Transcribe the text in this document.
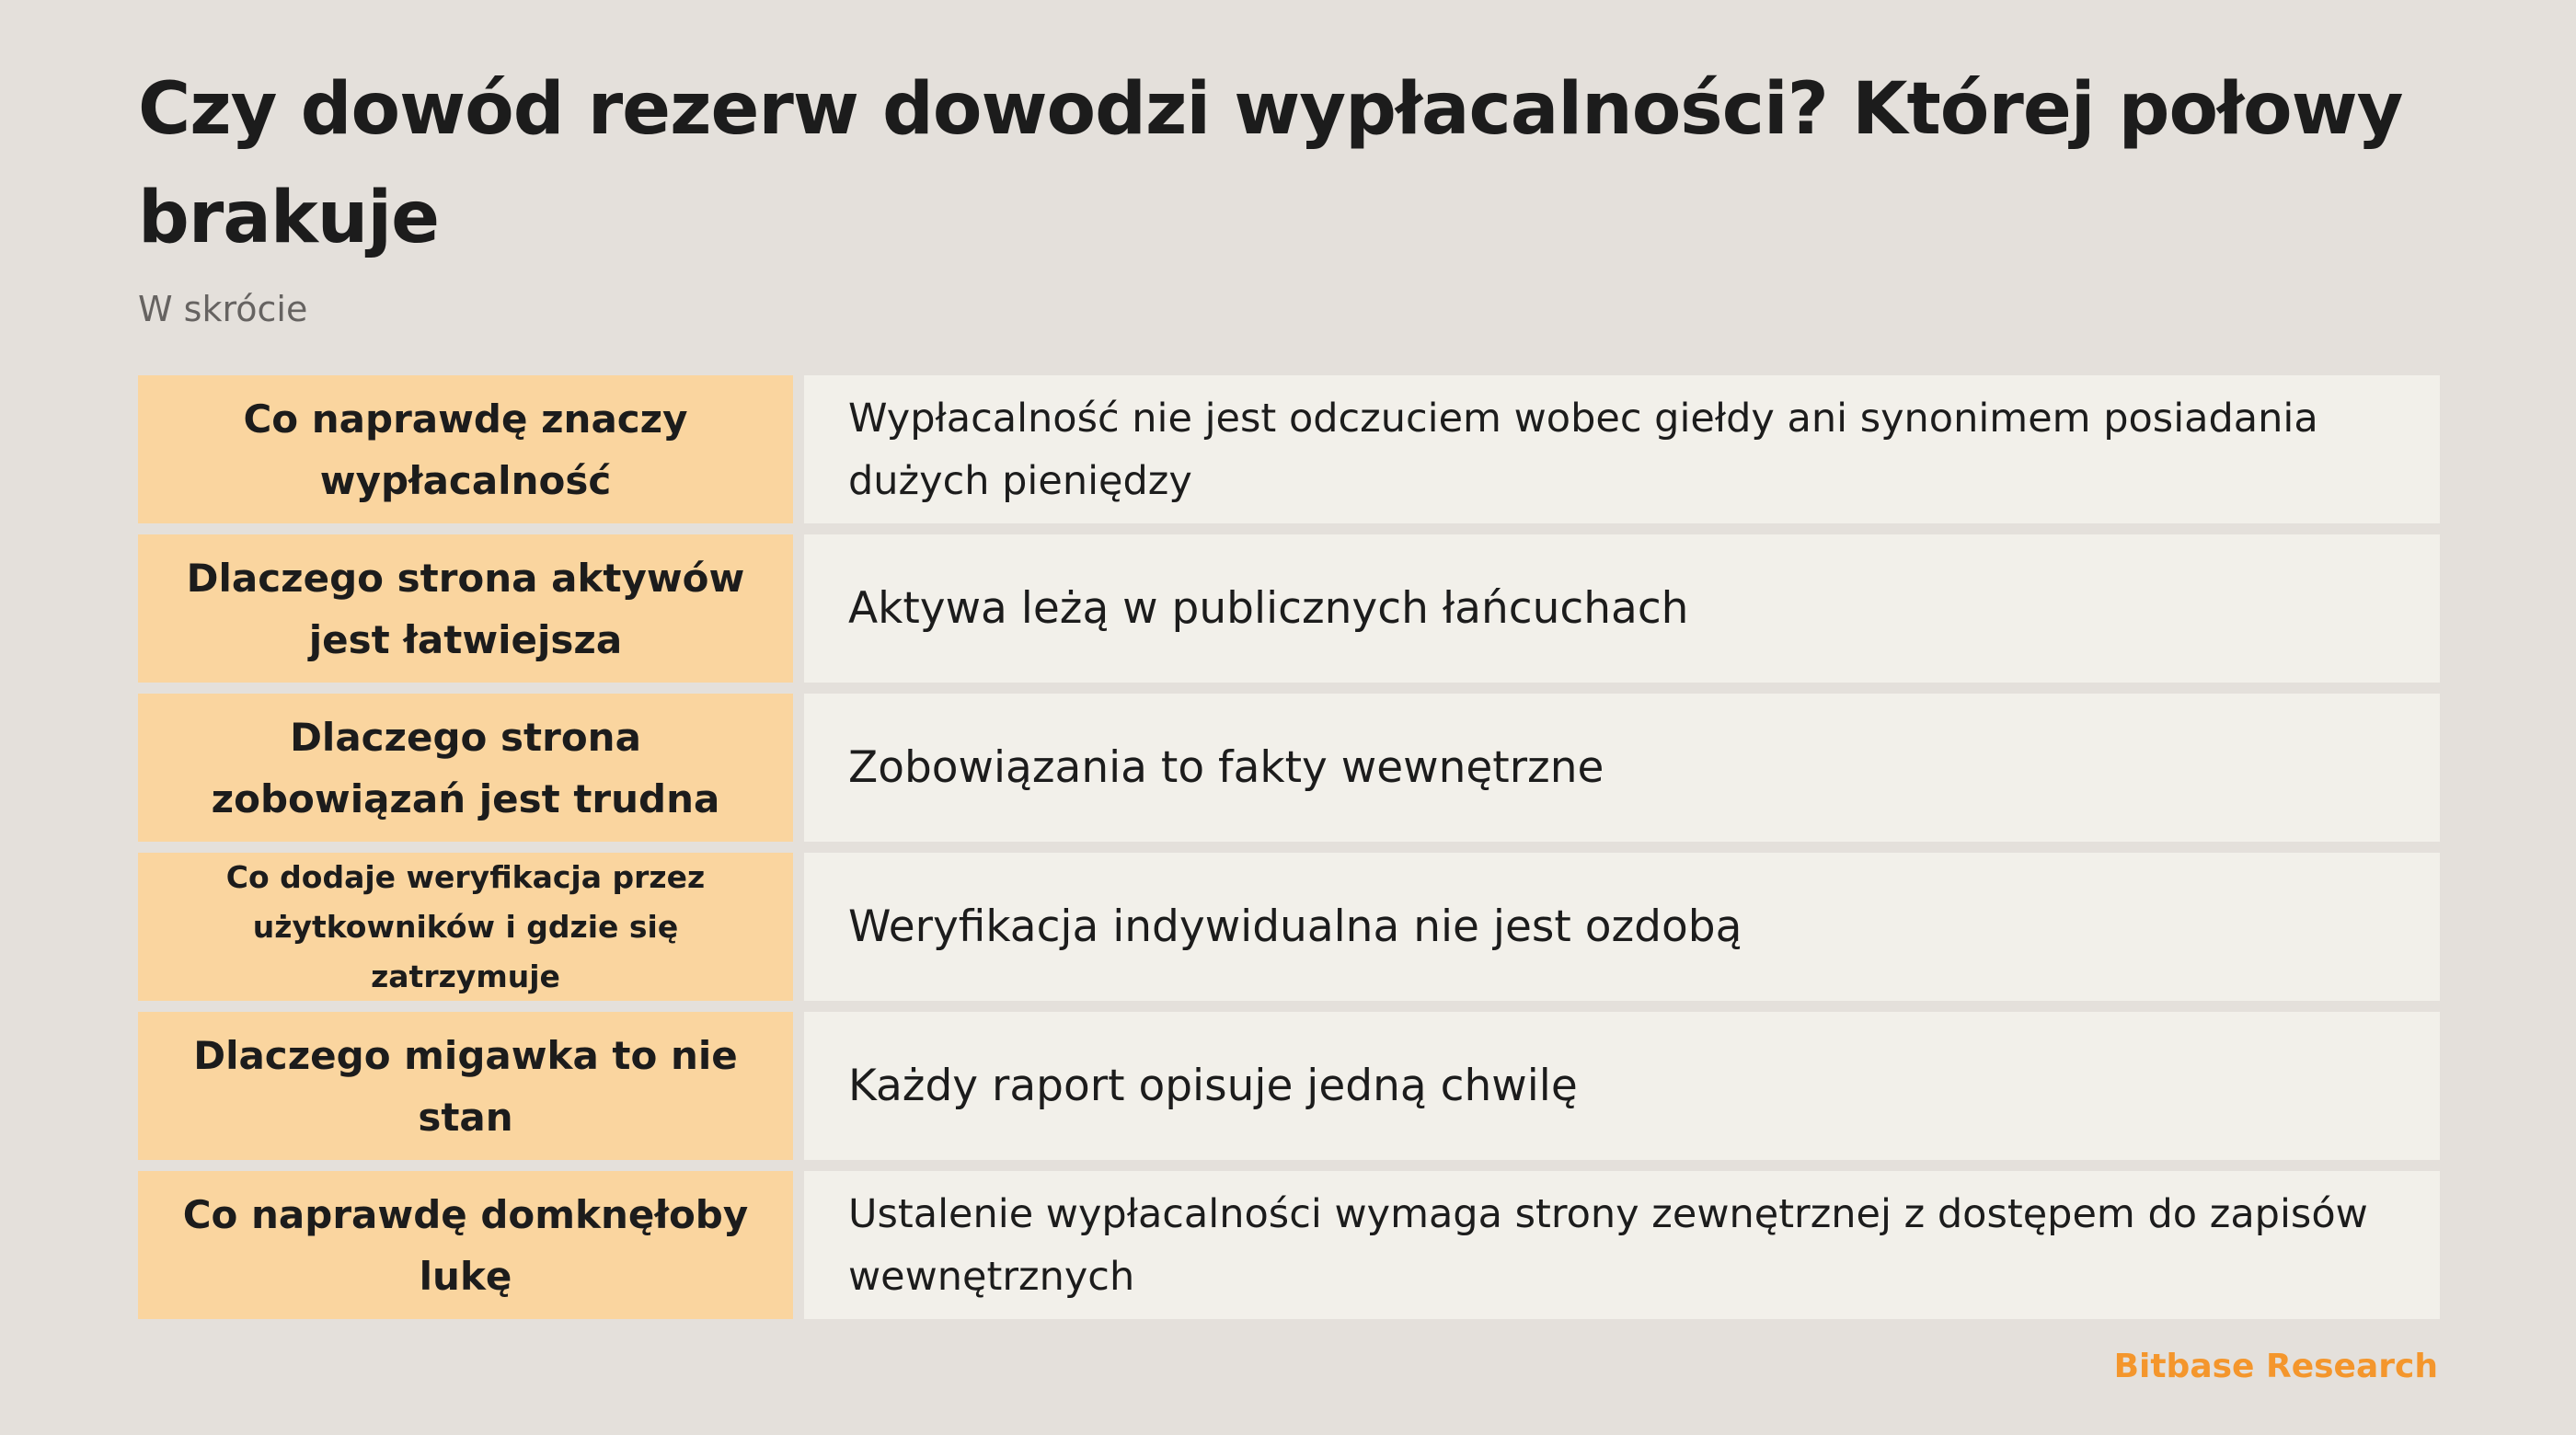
Czy dowód rezerw dowodzi wypłacalności? Której połowy brakuje
W skrócie
Co naprawdę znaczy wypłacalność
Wypłacalność nie jest odczuciem wobec giełdy ani synonimem posiadania dużych pieniędzy
Dlaczego strona aktywów jest łatwiejsza
Aktywa leżą w publicznych łańcuchach
Dlaczego strona zobowiązań jest trudna
Zobowiązania to fakty wewnętrzne
Co dodaje weryfikacja przez użytkowników i gdzie się zatrzymuje
Weryfikacja indywidualna nie jest ozdobą
Dlaczego migawka to nie stan
Każdy raport opisuje jedną chwilę
Co naprawdę domknęłoby lukę
Ustalenie wypłacalności wymaga strony zewnętrznej z dostępem do zapisów wewnętrznych
Bitbase Research
